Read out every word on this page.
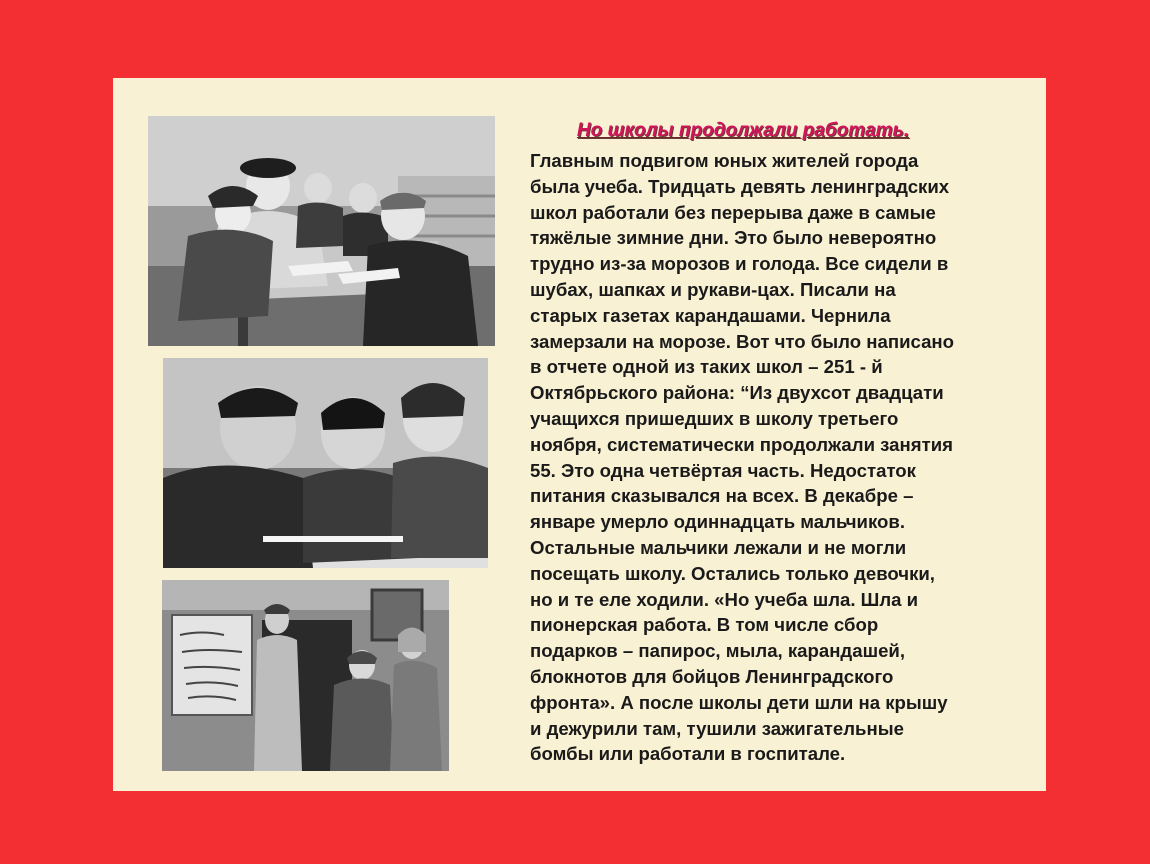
Но школы продолжали работать.

Главным подвигом юных жителей города
была учеба. Тридцать девять ленинградских
школ работали без перерыва даже в самые
тяжёлые зимние дни. Это было невероятно
трудно из-за морозов и голода. Все сидели в
шубах, шапках и рукави-цах. Писали на
старых газетах карандашами. Чернила
замерзали на морозе. Вот что было написано
в отчете одной из таких школ – 251 - й
Октябрьского района: “Из двухсот двадцати
учащихся пришедших в школу третьего
ноября, систематически продолжали занятия
55. Это одна четвёртая часть. Недостаток
питания сказывался на всех. В декабре –
январе умерло одиннадцать мальчиков.
Остальные мальчики лежали и не могли
посещать школу. Остались только девочки,
но и те еле ходили. «Но учеба шла. Шла и
пионерская работа. В том числе сбор
подарков – папирос, мыла, карандашей,
блокнотов для бойцов Ленинградского
фронта». А после школы дети шли на крышу
и дежурили там, тушили зажигательные
бомбы или работали в госпитале.
